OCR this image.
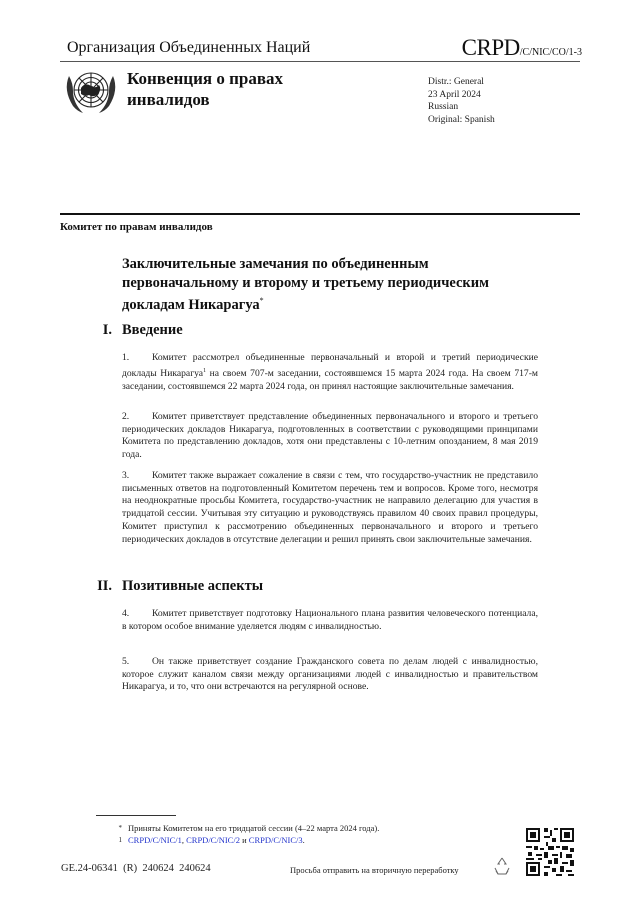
Организация Объединенных Наций	CRPD/C/NIC/CO/1-3
Конвенция о правах
инвалидов
Distr.: General
23 April 2024
Russian
Original: Spanish
Комитет по правам инвалидов
Заключительные замечания по объединенным первоначальному и второму и третьему периодическим докладам Никарагуа*
I. Введение
1. Комитет рассмотрел объединенные первоначальный и второй и третий периодические доклады Никарагуа$^1$ на своем 707-м заседании, состоявшемся 15 марта 2024 года. На своем 717-м заседании, состоявшемся 22 марта 2024 года, он принял настоящие заключительные замечания.
2. Комитет приветствует представление объединенных первоначального и второго и третьего периодических докладов Никарагуа, подготовленных в соответствии с руководящими принципами Комитета по представлению докладов, хотя они представлены с 10-летним опозданием, 8 мая 2019 года.
3. Комитет также выражает сожаление в связи с тем, что государство-участник не представило письменных ответов на подготовленный Комитетом перечень тем и вопросов. Кроме того, несмотря на неоднократные просьбы Комитета, государство-участник не направило делегацию для участия в тридцатой сессии. Учитывая эту ситуацию и руководствуясь правилом 40 своих правил процедуры, Комитет приступил к рассмотрению объединенных первоначального и второго и третьего периодических докладов в отсутствие делегации и решил принять свои заключительные замечания.
II. Позитивные аспекты
4. Комитет приветствует подготовку Национального плана развития человеческого потенциала, в котором особое внимание уделяется людям с инвалидностью.
5. Он также приветствует создание Гражданского совета по делам людей с инвалидностью, которое служит каналом связи между организациями людей с инвалидностью и правительством Никарагуа, и то, что они встречаются на регулярной основе.
* Приняты Комитетом на его тридцатой сессии (4–22 марта 2024 года).
1 CRPD/C/NIC/1, CRPD/C/NIC/2 и CRPD/C/NIC/3.
GE.24-06341  (R)  240624  240624	Просьба отправить на вторичную переработку
